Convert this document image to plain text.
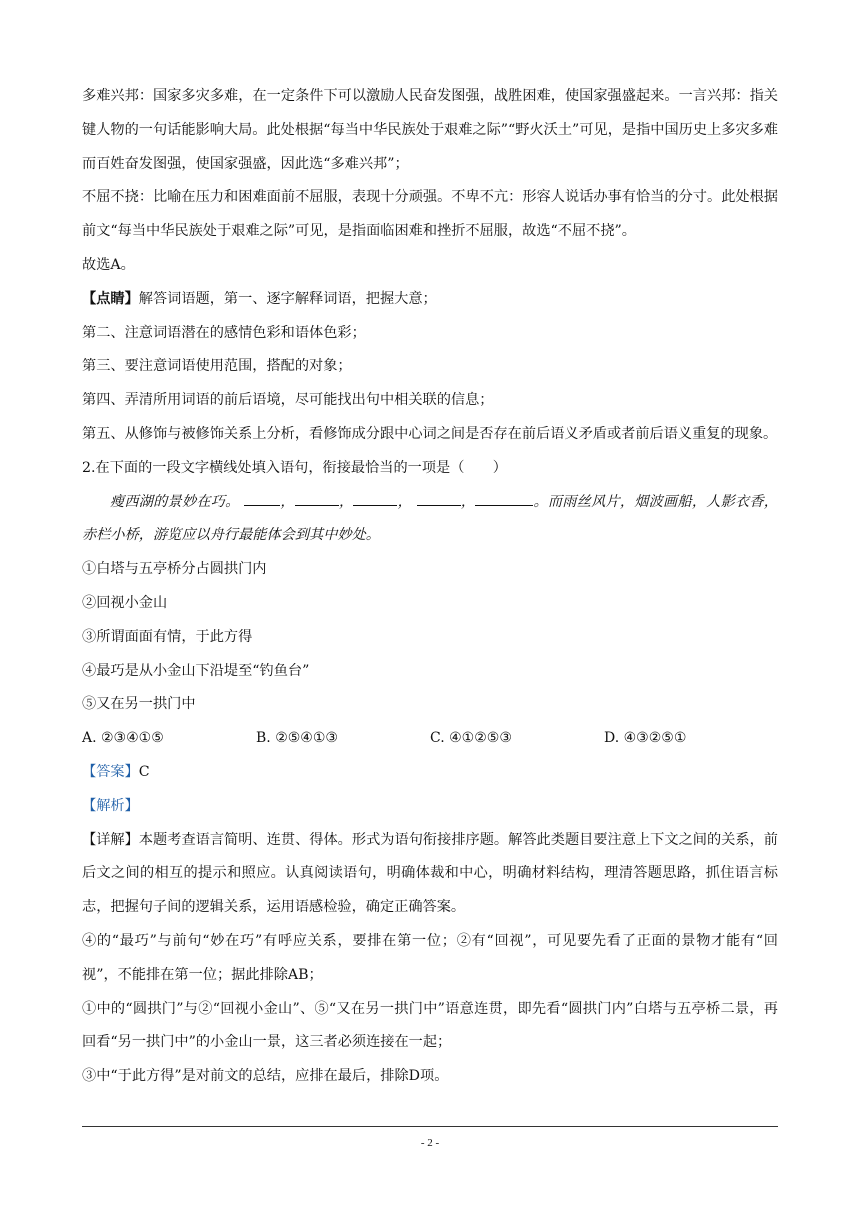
多难兴邦：国家多灾多难，在一定条件下可以激励人民奋发图强，战胜困难，使国家强盛起来。一言兴邦：指关键人物的一句话能影响大局。此处根据“每当中华民族处于艰难之际”“野火沃土”可见，是指中国历史上多灾多难而百姓奋发图强，使国家强盛，因此选“多难兴邦”；

不屈不挠：比喻在压力和困难面前不屈服，表现十分顽强。不卑不亢：形容人说话办事有恰当的分寸。此处根据前文“每当中华民族处于艰难之际”可见，是指面临困难和挫折不屈服，故选“不屈不挠”。

故选A。

【点睛】解答词语题，第一、逐字解释词语，把握大意；

第二、注意词语潜在的感情色彩和语体色彩；

第三、要注意词语使用范围，搭配的对象；

第四、弄清所用词语的前后语境，尽可能找出句中相关联的信息；

第五、从修饰与被修饰关系上分析，看修饰成分跟中心词之间是否存在前后语义矛盾或者前后语义重复的现象。

2.在下面的一段文字横线处填入语句，衔接最恰当的一项是（　　）

瘦西湖的景妙在巧。	，	，	，	，	。而雨丝风片，烟波画船，人影衣香，赤栏小桥，游览应以舟行最能体会到其中妙处。

①白塔与五亭桥分占圆拱门内

②回视小金山

③所谓面面有情，于此方得

④最巧是从小金山下沿堤至“钓鱼台”

⑤又在另一拱门中

A. ②③④①⑤	B. ②⑤④①③	C. ④①②⑤③	D. ④③②⑤①

【答案】C

【解析】

【详解】本题考查语言简明、连贯、得体。形式为语句衔接排序题。解答此类题目要注意上下文之间的关系，前后文之间的相互的提示和照应。认真阅读语句，明确体裁和中心，明确材料结构，理清答题思路，抓住语言标志，把握句子间的逻辑关系，运用语感检验，确定正确答案。

④的“最巧”与前句“妙在巧”有呼应关系，要排在第一位；②有“回视”，可见要先看了正面的景物才能有“回视”，不能排在第一位；据此排除AB；

①中的“圆拱门”与②“回视小金山”、⑤“又在另一拱门中”语意连贯，即先看“圆拱门内”白塔与五亭桥二景，再回看“另一拱门中”的小金山一景，这三者必须连接在一起；

③中“于此方得”是对前文的总结，应排在最后，排除D项。

- 2 -
